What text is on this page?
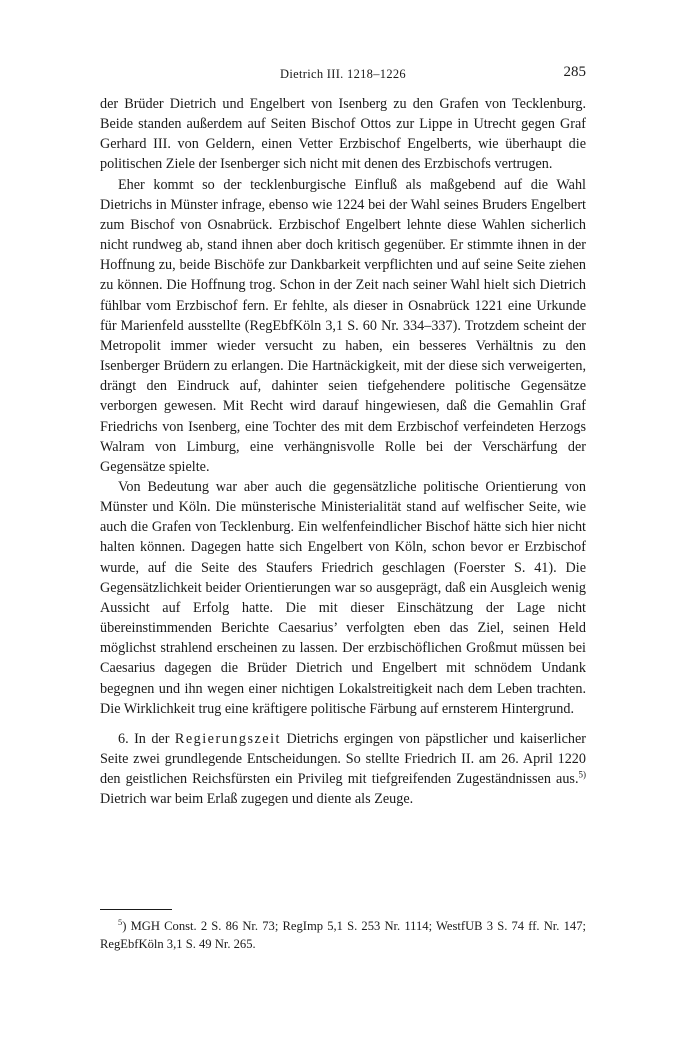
Dietrich III. 1218–1226	285

der Brüder Dietrich und Engelbert von Isenberg zu den Grafen von Tecklenburg. Beide standen außerdem auf Seiten Bischof Ottos zur Lippe in Utrecht gegen Graf Gerhard III. von Geldern, einen Vetter Erzbischof Engelberts, wie überhaupt die politischen Ziele der Isenberger sich nicht mit denen des Erzbischofs vertrugen.

Eher kommt so der tecklenburgische Einfluß als maßgebend auf die Wahl Dietrichs in Münster infrage, ebenso wie 1224 bei der Wahl seines Bruders Engelbert zum Bischof von Osnabrück. Erzbischof Engelbert lehnte diese Wahlen sicherlich nicht rundweg ab, stand ihnen aber doch kritisch gegenüber. Er stimmte ihnen in der Hoffnung zu, beide Bischöfe zur Dankbarkeit verpflichten und auf seine Seite ziehen zu können. Die Hoffnung trog. Schon in der Zeit nach seiner Wahl hielt sich Dietrich fühlbar vom Erzbischof fern. Er fehlte, als dieser in Osnabrück 1221 eine Urkunde für Marienfeld ausstellte (RegEbfKöln 3,1 S. 60 Nr. 334–337). Trotzdem scheint der Metropolit immer wieder versucht zu haben, ein besseres Verhältnis zu den Isenberger Brüdern zu erlangen. Die Hartnäckigkeit, mit der diese sich verweigerten, drängt den Eindruck auf, dahinter seien tiefgehendere politische Gegensätze verborgen gewesen. Mit Recht wird darauf hingewiesen, daß die Gemahlin Graf Friedrichs von Isenberg, eine Tochter des mit dem Erzbischof verfeindeten Herzogs Walram von Limburg, eine verhängnisvolle Rolle bei der Verschärfung der Gegensätze spielte.

Von Bedeutung war aber auch die gegensätzliche politische Orientierung von Münster und Köln. Die münsterische Ministerialität stand auf welfischer Seite, wie auch die Grafen von Tecklenburg. Ein welfenfeindlicher Bischof hätte sich hier nicht halten können. Dagegen hatte sich Engelbert von Köln, schon bevor er Erzbischof wurde, auf die Seite des Staufers Friedrich geschlagen (Foerster S. 41). Die Gegensätzlichkeit beider Orientierungen war so ausgeprägt, daß ein Ausgleich wenig Aussicht auf Erfolg hatte. Die mit dieser Einschätzung der Lage nicht übereinstimmenden Berichte Caesarius’ verfolgten eben das Ziel, seinen Held möglichst strahlend erscheinen zu lassen. Der erzbischöflichen Großmut müssen bei Caesarius dagegen die Brüder Dietrich und Engelbert mit schnödem Undank begegnen und ihn wegen einer nichtigen Lokalstreitigkeit nach dem Leben trachten. Die Wirklichkeit trug eine kräftigere politische Färbung auf ernsterem Hintergrund.

6. In der Regierungszeit Dietrichs ergingen von päpstlicher und kaiserlicher Seite zwei grundlegende Entscheidungen. So stellte Friedrich II. am 26. April 1220 den geistlichen Reichsfürsten ein Privileg mit tiefgreifenden Zugeständnissen aus.$^{5)}$ Dietrich war beim Erlaß zugegen und diente als Zeuge.

$^5$) MGH Const. 2 S. 86 Nr. 73; RegImp 5,1 S. 253 Nr. 1114; WestfUB 3 S. 74 ff. Nr. 147; RegEbfKöln 3,1 S. 49 Nr. 265.
